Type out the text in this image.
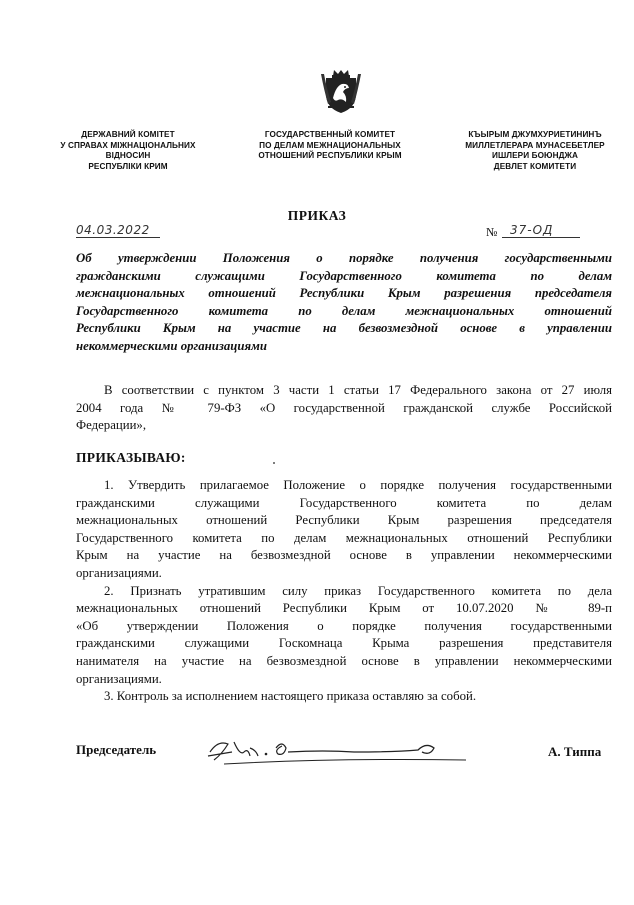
ДЕРЖАВНИЙ КОМІТЕТ
У СПРАВАХ МІЖНАЦІОНАЛЬНИХ
ВІДНОСИН
РЕСПУБЛІКИ КРИМ
ГОСУДАРСТВЕННЫЙ КОМИТЕТ
ПО ДЕЛАМ МЕЖНАЦИОНАЛЬНЫХ
ОТНОШЕНИЙ РЕСПУБЛИКИ КРЫМ
КЪЫРЫМ ДЖУМХУРИЕТИНИНЪ
МИЛЛЕТЛЕРАРА МУНАСЕБЕТЛЕР
ИШЛЕРИ БОЮНДЖА
ДЕВЛЕТ КОМИТЕТИ
ПРИКАЗ
04.03.2022	№	37-ОД
Об утверждении Положения о порядке получения государственными
гражданскими служащими Государственного комитета по делам
межнациональных отношений Республики Крым разрешения председателя
Государственного комитета по делам межнациональных отношений
Республики Крым на участие на безвозмездной основе в управлении
некоммерческими организациями
В соответствии с пунктом 3 части 1 статьи 17 Федерального закона от 27 июля
2004 года № 79-ФЗ «О государственной гражданской службе Российской
Федерации»,
ПРИКАЗЫВАЮ:
1. Утвердить прилагаемое Положение о порядке получения государственными
гражданскими служащими Государственного комитета по делам
межнациональных отношений Республики Крым разрешения председателя
Государственного комитета по делам межнациональных отношений Республики
Крым на участие на безвозмездной основе в управлении некоммерческими
организациями.
2. Признать утратившим силу приказ Государственного комитета по дела
межнациональных отношений Республики Крым от 10.07.2020 № 89-п
«Об утверждении Положения о порядке получения государственными
гражданскими служащими Госкомнаца Крыма разрешения представителя
нанимателя на участие на безвозмездной основе в управлении некоммерческими
организациями.
3. Контроль за исполнением настоящего приказа оставляю за собой.
Председатель	А. Типпа
